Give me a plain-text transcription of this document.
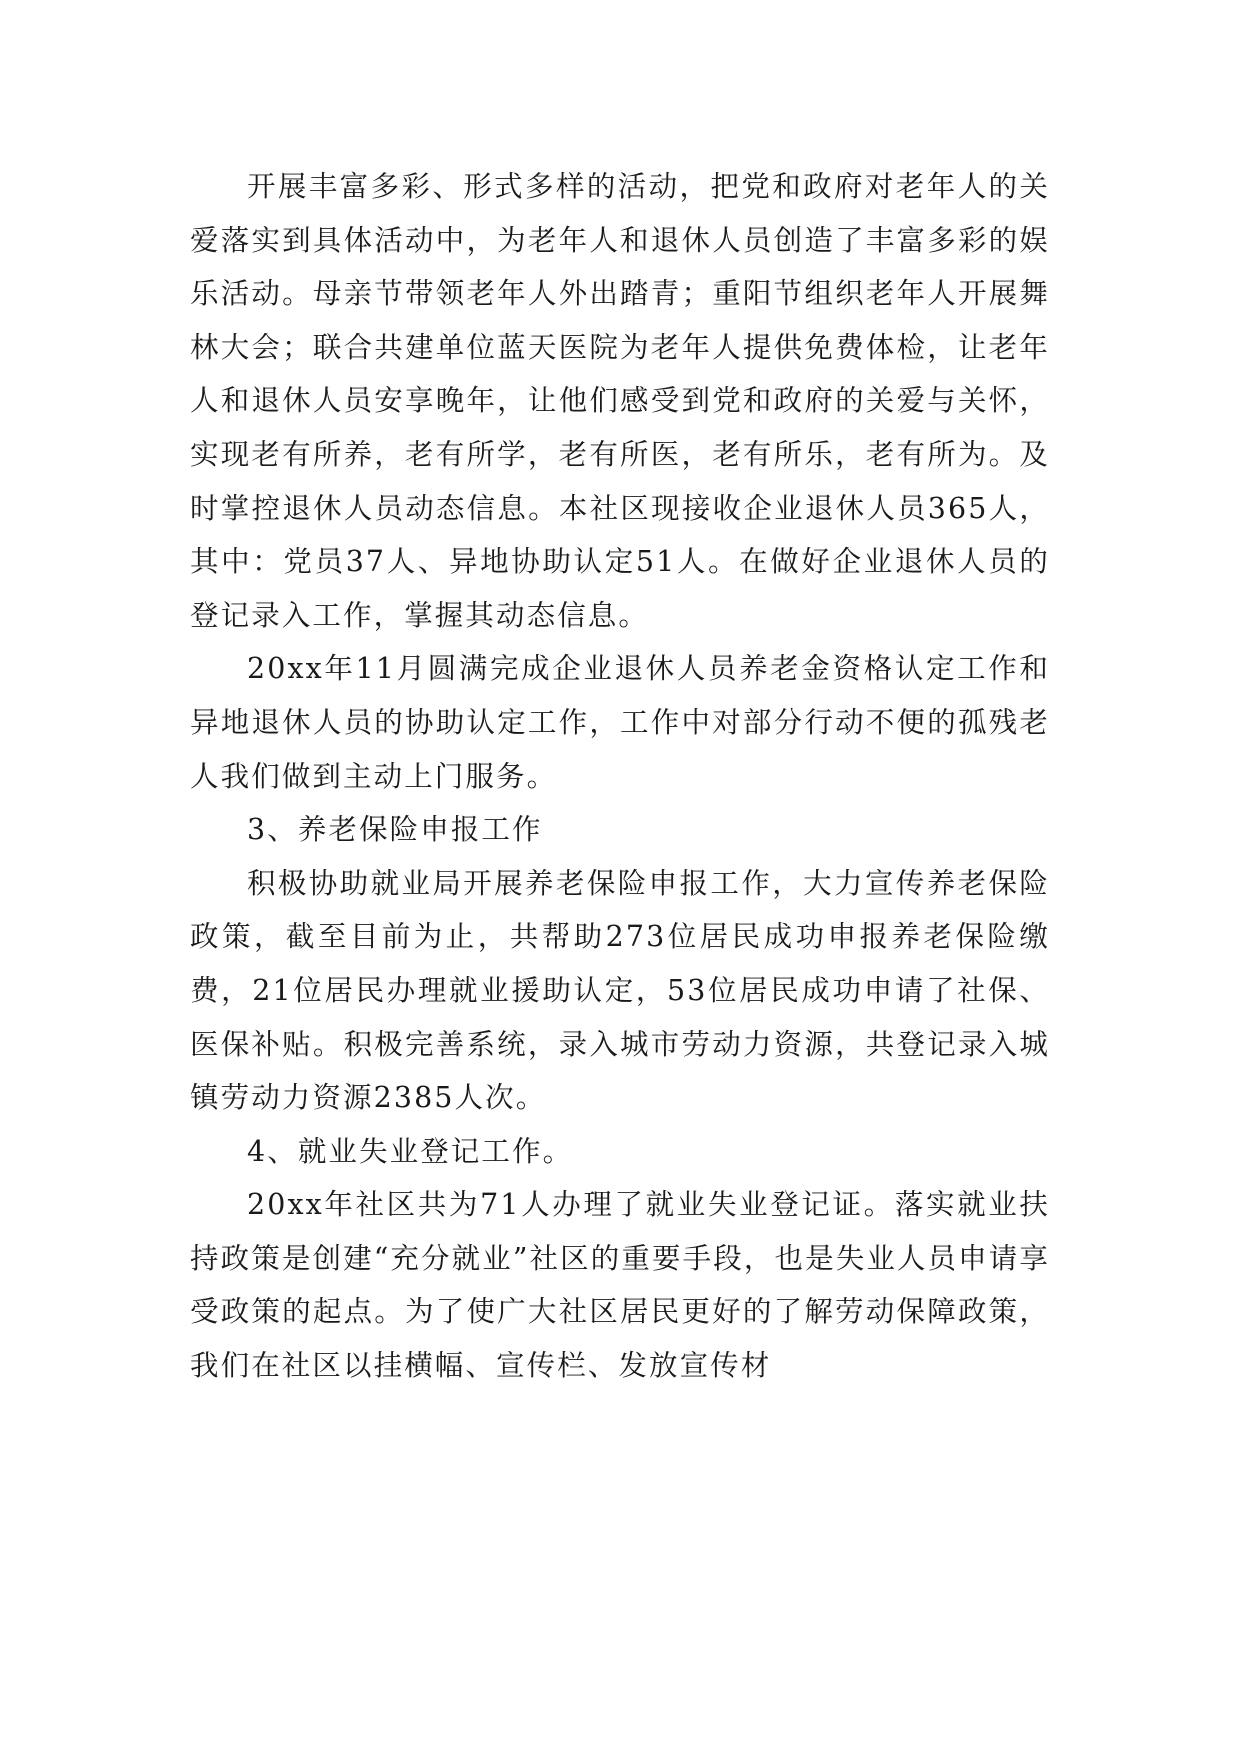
开展丰富多彩、形式多样的活动，把党和政府对老年人的关爱落实到具体活动中，为老年人和退休人员创造了丰富多彩的娱乐活动。母亲节带领老年人外出踏青；重阳节组织老年人开展舞林大会；联合共建单位蓝天医院为老年人提供免费体检，让老年人和退休人员安享晚年，让他们感受到党和政府的关爱与关怀，实现老有所养，老有所学，老有所医，老有所乐，老有所为。及时掌控退休人员动态信息。本社区现接收企业退休人员365人，其中：党员37人、异地协助认定51人。在做好企业退休人员的登记录入工作，掌握其动态信息。

20xx年11月圆满完成企业退休人员养老金资格认定工作和异地退休人员的协助认定工作，工作中对部分行动不便的孤残老人我们做到主动上门服务。

3、养老保险申报工作

积极协助就业局开展养老保险申报工作，大力宣传养老保险政策，截至目前为止，共帮助273位居民成功申报养老保险缴费，21位居民办理就业援助认定，53位居民成功申请了社保、医保补贴。积极完善系统，录入城市劳动力资源，共登记录入城镇劳动力资源2385人次。

4、就业失业登记工作。

20xx年社区共为71人办理了就业失业登记证。落实就业扶持政策是创建“充分就业”社区的重要手段，也是失业人员申请享受政策的起点。为了使广大社区居民更好的了解劳动保障政策，我们在社区以挂横幅、宣传栏、发放宣传材
